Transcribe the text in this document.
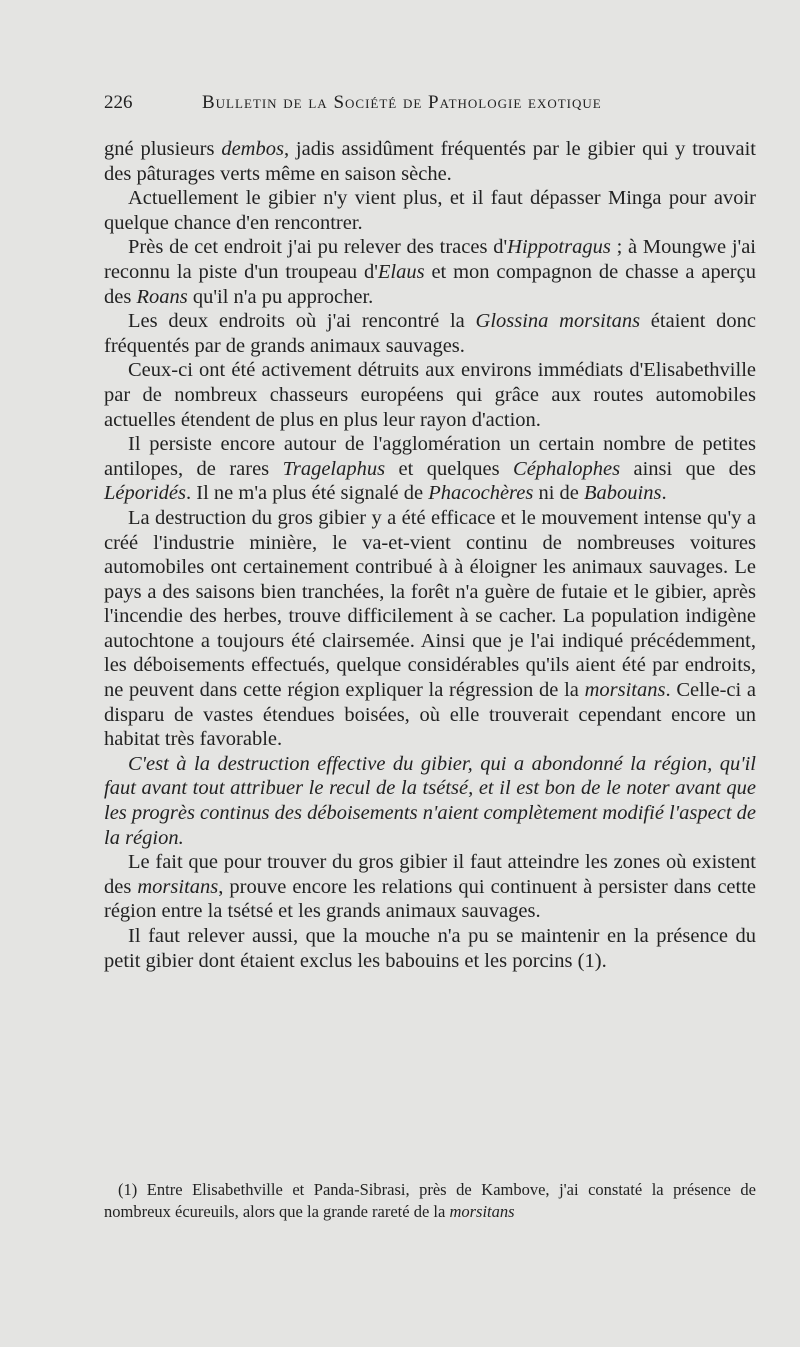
226	Bulletin de la Société de Pathologie exotique

gné plusieurs dembos, jadis assidûment fréquentés par le gibier qui y trouvait des pâturages verts même en saison sèche.

Actuellement le gibier n'y vient plus, et il faut dépasser Minga pour avoir quelque chance d'en rencontrer.

Près de cet endroit j'ai pu relever des traces d'Hippotragus ; à Moungwe j'ai reconnu la piste d'un troupeau d'Elaus et mon compagnon de chasse a aperçu des Roans qu'il n'a pu approcher.

Les deux endroits où j'ai rencontré la Glossina morsitans étaient donc fréquentés par de grands animaux sauvages.

Ceux-ci ont été activement détruits aux environs immédiats d'Elisabethville par de nombreux chasseurs européens qui grâce aux routes automobiles actuelles étendent de plus en plus leur rayon d'action.

Il persiste encore autour de l'agglomération un certain nombre de petites antilopes, de rares Tragelaphus et quelques Céphalophes ainsi que des Léporidés. Il ne m'a plus été signalé de Phacochères ni de Babouins.

La destruction du gros gibier y a été efficace et le mouvement intense qu'y a créé l'industrie minière, le va-et-vient continu de nombreuses voitures automobiles ont certainement contribué à à éloigner les animaux sauvages. Le pays a des saisons bien tranchées, la forêt n'a guère de futaie et le gibier, après l'incendie des herbes, trouve difficilement à se cacher. La population indigène autochtone a toujours été clairsemée. Ainsi que je l'ai indiqué précédemment, les déboisements effectués, quelque considérables qu'ils aient été par endroits, ne peuvent dans cette région expliquer la régression de la morsitans. Celle-ci a disparu de vastes étendues boisées, où elle trouverait cependant encore un habitat très favorable.

C'est à la destruction effective du gibier, qui a abondonné la région, qu'il faut avant tout attribuer le recul de la tsétsé, et il est bon de le noter avant que les progrès continus des déboisements n'aient complètement modifié l'aspect de la région.

Le fait que pour trouver du gros gibier il faut atteindre les zones où existent des morsitans, prouve encore les relations qui continuent à persister dans cette région entre la tsétsé et les grands animaux sauvages.

Il faut relever aussi, que la mouche n'a pu se maintenir en la présence du petit gibier dont étaient exclus les babouins et les porcins (1).

(1) Entre Elisabethville et Panda-Sibrasi, près de Kambove, j'ai constaté la présence de nombreux écureuils, alors que la grande rareté de la morsitans
